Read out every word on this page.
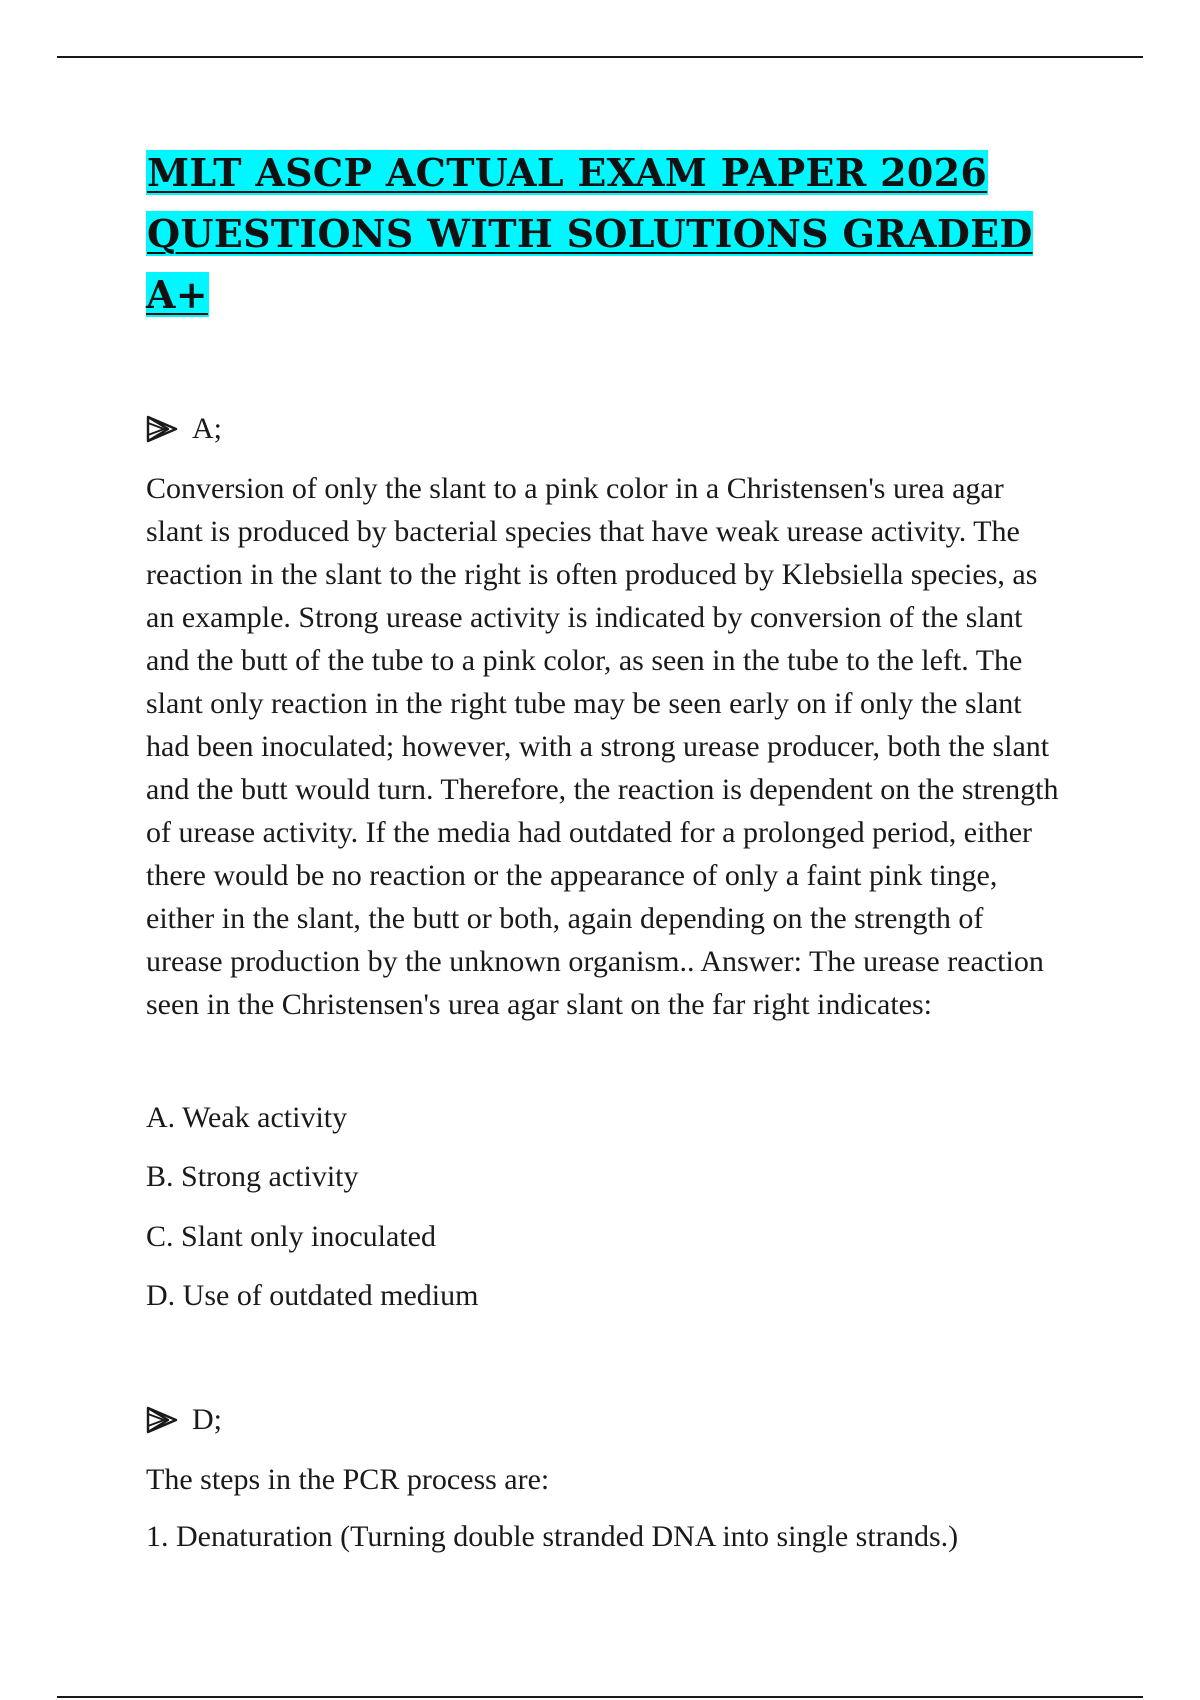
MLT ASCP ACTUAL EXAM PAPER 2026
QUESTIONS WITH SOLUTIONS GRADED A+

A;

Conversion of only the slant to a pink color in a Christensen's urea agar slant is produced by bacterial species that have weak urease activity. The reaction in the slant to the right is often produced by Klebsiella species, as an example. Strong urease activity is indicated by conversion of the slant and the butt of the tube to a pink color, as seen in the tube to the left. The slant only reaction in the right tube may be seen early on if only the slant had been inoculated; however, with a strong urease producer, both the slant and the butt would turn. Therefore, the reaction is dependent on the strength of urease activity. If the media had outdated for a prolonged period, either there would be no reaction or the appearance of only a faint pink tinge, either in the slant, the butt or both, again depending on the strength of urease production by the unknown organism.. Answer: The urease reaction seen in the Christensen's urea agar slant on the far right indicates:

A. Weak activity

B. Strong activity

C. Slant only inoculated

D. Use of outdated medium

D;

The steps in the PCR process are:

1. Denaturation (Turning double stranded DNA into single strands.)
